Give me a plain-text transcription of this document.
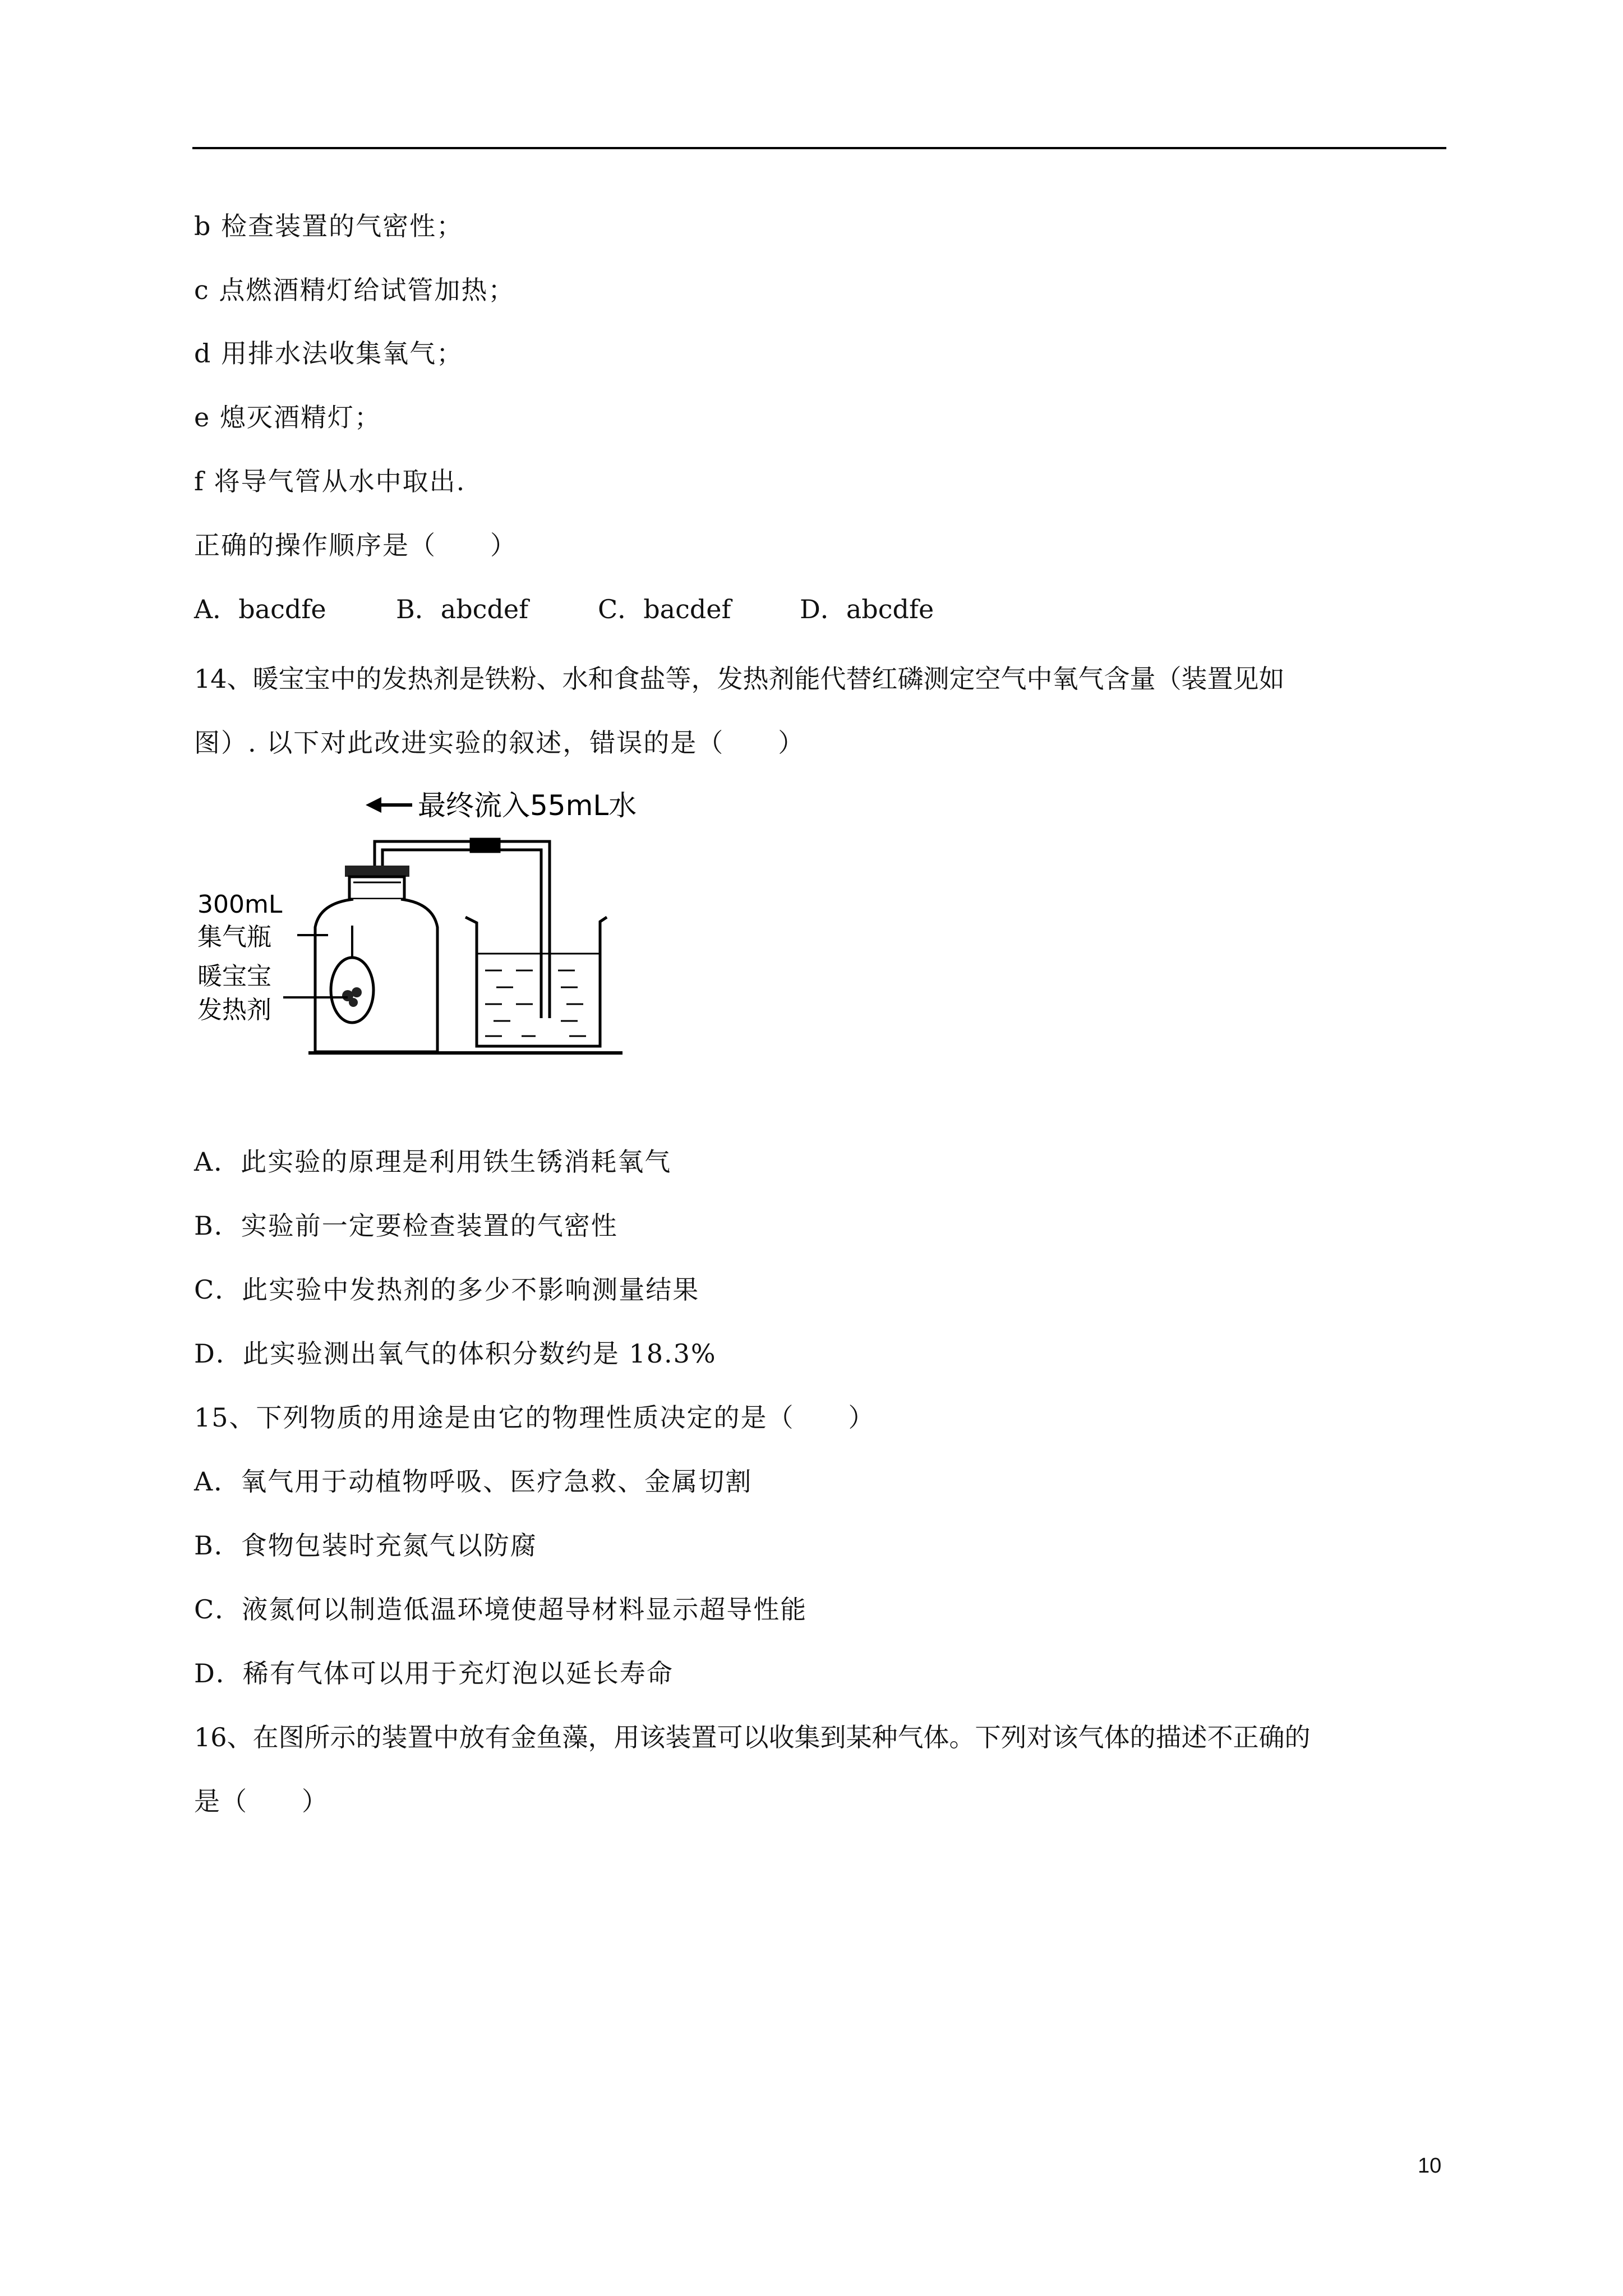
b 检查装置的气密性；
c 点燃酒精灯给试管加热；
d 用排水法收集氧气；
e 熄灭酒精灯；
f 将导气管从水中取出.
正确的操作顺序是（　　）

A．bacdfe

	B．abcdef

	C．bacdef

	D．abcdfe

14、暖宝宝中的发热剂是铁粉、水和食盐等，发热剂能代替红磷测定空气中氧气含量（装置见如
图）. 以下对此改进实验的叙述，错误的是（　　）
最终流入55mL水
300mL
集气瓶
暖宝宝
发热剂
A．此实验的原理是利用铁生锈消耗氧气
B．实验前一定要检查装置的气密性
C．此实验中发热剂的多少不影响测量结果
D．此实验测出氧气的体积分数约是 18.3%
15、下列物质的用途是由它的物理性质决定的是（　　）
A．氧气用于动植物呼吸、医疗急救、金属切割
B．食物包装时充氮气以防腐
C．液氮何以制造低温环境使超导材料显示超导性能
D．稀有气体可以用于充灯泡以延长寿命
16、在图所示的装置中放有金鱼藻，用该装置可以收集到某种气体。下列对该气体的描述不正确的
是（　　）
10
